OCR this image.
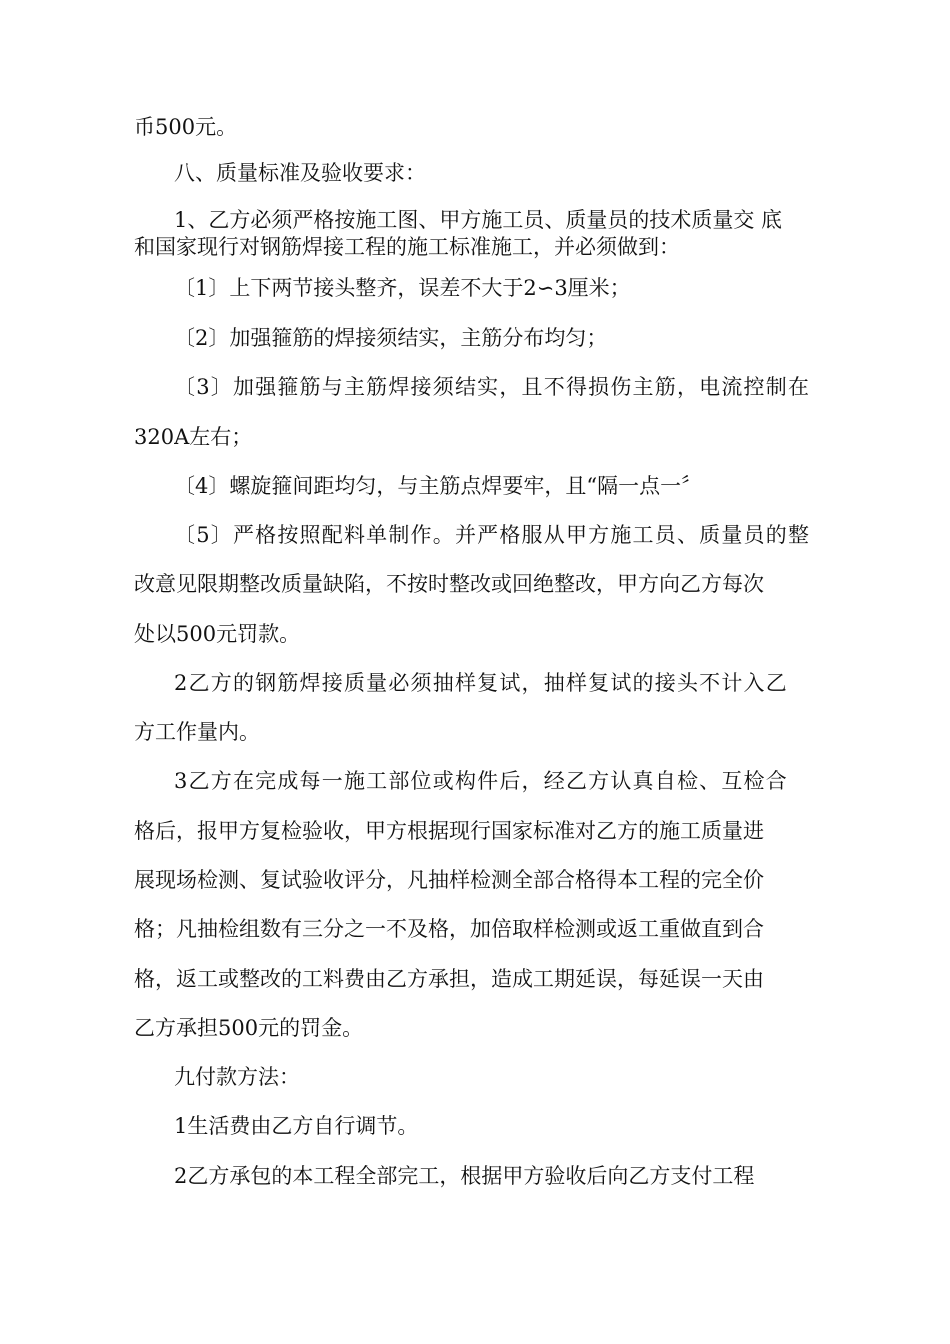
币500元。
八、质量标准及验收要求：
1、乙方必须严格按施工图、甲方施工员、质量员的技术质量交 底
和国家现行对钢筋焊接工程的施工标准施工，并必须做到：
〔1〕上下两节接头整齐，误差不大于2∽3厘米；
〔2〕加强箍筋的焊接须结实，主筋分布均匀；
〔3〕加强箍筋与主筋焊接须结实，且不得损伤主筋，电流控制在
320A左右；
〔4〕螺旋箍间距均匀，与主筋点焊要牢，且“隔一点一〞
〔5〕严格按照配料单制作。并严格服从甲方施工员、质量员的整
改意见限期整改质量缺陷，不按时整改或回绝整改，甲方向乙方每次
处以500元罚款。
2乙方的钢筋焊接质量必须抽样复试，抽样复试的接头不计入乙
方工作量内。
3乙方在完成每一施工部位或构件后，经乙方认真自检、互检合
格后，报甲方复检验收，甲方根据现行国家标准对乙方的施工质量进
展现场检测、复试验收评分，凡抽样检测全部合格得本工程的完全价
格；凡抽检组数有三分之一不及格，加倍取样检测或返工重做直到合
格，返工或整改的工料费由乙方承担，造成工期延误，每延误一天由
乙方承担500元的罚金。
九付款方法：
1生活费由乙方自行调节。
2乙方承包的本工程全部完工，根据甲方验收后向乙方支付工程
